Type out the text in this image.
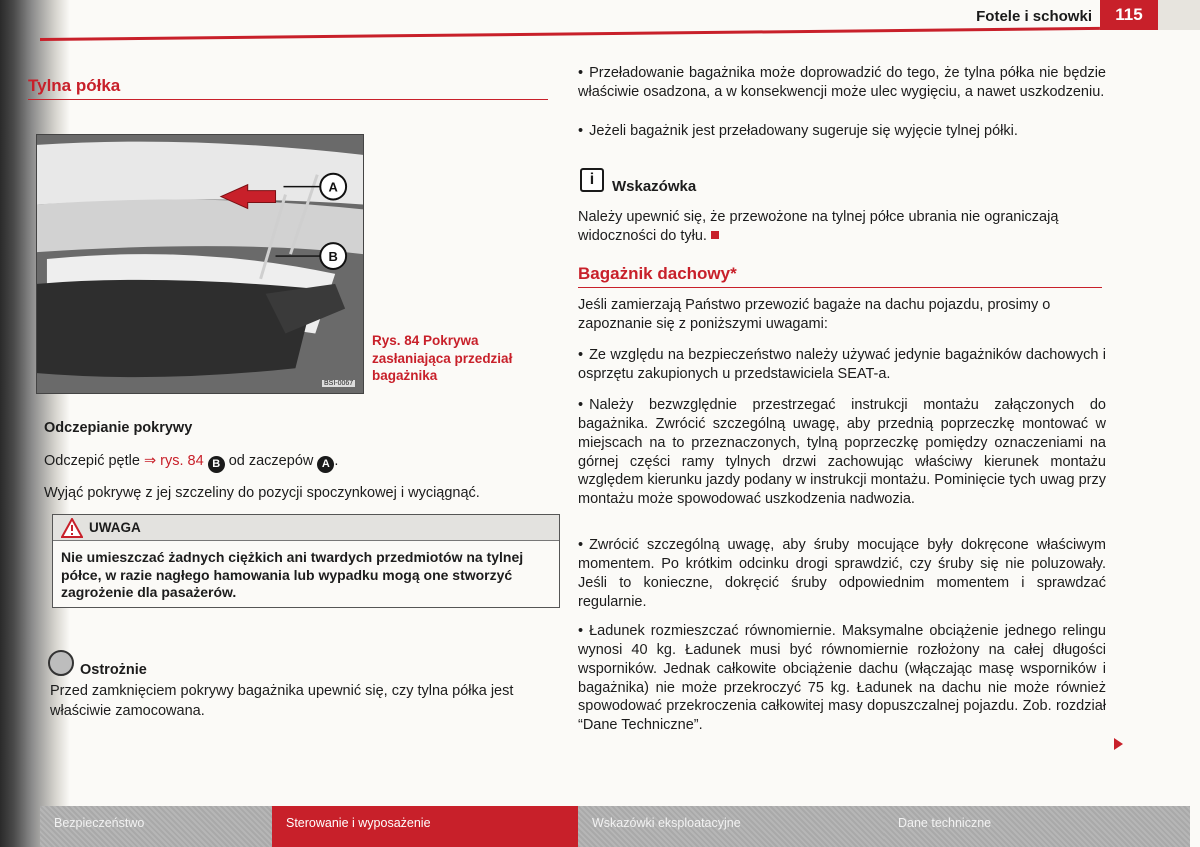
Fotele i schowki	115
Tylna półka
A
B
BSI-0067
Rys. 84 Pokrywa zasłaniająca przedział bagażnika
Odczepianie pokrywy
Odczepić pętle ⇒ rys. 84 B od zaczepów A .
Wyjąć pokrywę z jej szczeliny do pozycji spoczynkowej i wyciągnąć.
UWAGA
Nie umieszczać żadnych ciężkich ani twardych przedmiotów na tylnej półce, w razie nagłego hamowania lub wypadku mogą one stworzyć zagrożenie dla pasażerów.
Ostrożnie
Przed zamknięciem pokrywy bagażnika upewnić się, czy tylna półka jest właściwie zamocowana.
• Przeładowanie bagażnika może doprowadzić do tego, że tylna półka nie będzie właściwie osadzona, a w konsekwencji może ulec wygięciu, a nawet uszkodzeniu.
• Jeżeli bagażnik jest przeładowany sugeruje się wyjęcie tylnej półki.
i	Wskazówka
Należy upewnić się, że przewożone na tylnej półce ubrania nie ograniczają widoczności do tyłu.
Bagażnik dachowy*
Jeśli zamierzają Państwo przewozić bagaże na dachu pojazdu, prosimy o zapoznanie się z poniższymi uwagami:
• Ze względu na bezpieczeństwo należy używać jedynie bagażników dachowych i osprzętu zakupionych u przedstawiciela SEAT-a.
• Należy bezwzględnie przestrzegać instrukcji montażu załączonych do bagażnika. Zwrócić szczególną uwagę, aby przednią poprzeczkę montować w miejscach na to przeznaczonych, tylną poprzeczkę pomiędzy oznaczeniami na górnej części ramy tylnych drzwi zachowując właściwy kierunek montażu względem kierunku jazdy podany w instrukcji montażu. Pominięcie tych uwag przy montażu może spowodować uszkodzenia nadwozia.
• Zwrócić szczególną uwagę, aby śruby mocujące były dokręcone właściwym momentem. Po krótkim odcinku drogi sprawdzić, czy śruby się nie poluzowały. Jeśli to konieczne, dokręcić śruby odpowiednim momentem i sprawdzać regularnie.
• Ładunek rozmieszczać równomiernie. Maksymalne obciążenie jednego relingu wynosi 40 kg. Ładunek musi być równomiernie rozłożony na całej długości wsporników. Jednak całkowite obciążenie dachu (włączając masę wsporników i bagażnika) nie może przekroczyć 75 kg. Ładunek na dachu nie może również spowodować przekroczenia całkowitej masy dopuszczalnej pojazdu. Zob. rozdział “Dane Techniczne”.
Bezpieczeństwo	Sterowanie i wyposażenie	Wskazówki eksploatacyjne	Dane techniczne
